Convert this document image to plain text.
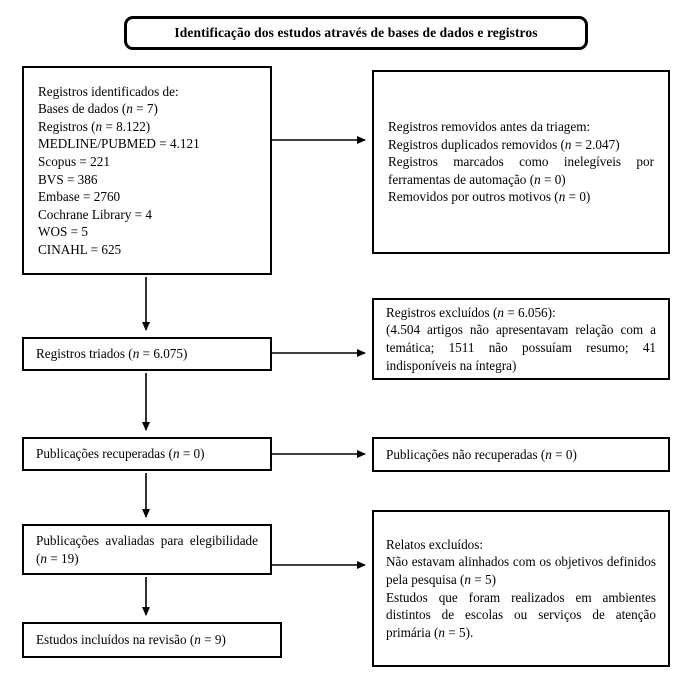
Identificação dos estudos através de bases de dados e registros

Registros identificados de:

Bases de dados (n = 7)

Registros (n = 8.122)

MEDLINE/PUBMED = 4.121

Scopus = 221

BVS = 386

Embase = 2760

Cochrane Library = 4

WOS = 5

CINAHL = 625

Registros removidos antes da triagem:

Registros duplicados removidos (n = 2.047)

Registros marcados como inelegíveis por ferramentas de automação (n = 0)

Removidos por outros motivos (n = 0)

Registros triados (n = 6.075)

Registros excluídos (n = 6.056):

(4.504 artigos não apresentavam relação com a temática; 1511 não possuíam resumo; 41 indisponíveis na íntegra)

Publicações recuperadas (n = 0)	Publicações não recuperadas (n = 0)

Publicações avaliadas para elegibilidade (n = 19)

Relatos excluídos:

Não estavam alinhados com os objetivos definidos pela pesquisa (n = 5)

Estudos que foram realizados em ambientes distintos de escolas ou serviços de atenção primária (n = 5).

Estudos incluídos na revisão (n = 9)
